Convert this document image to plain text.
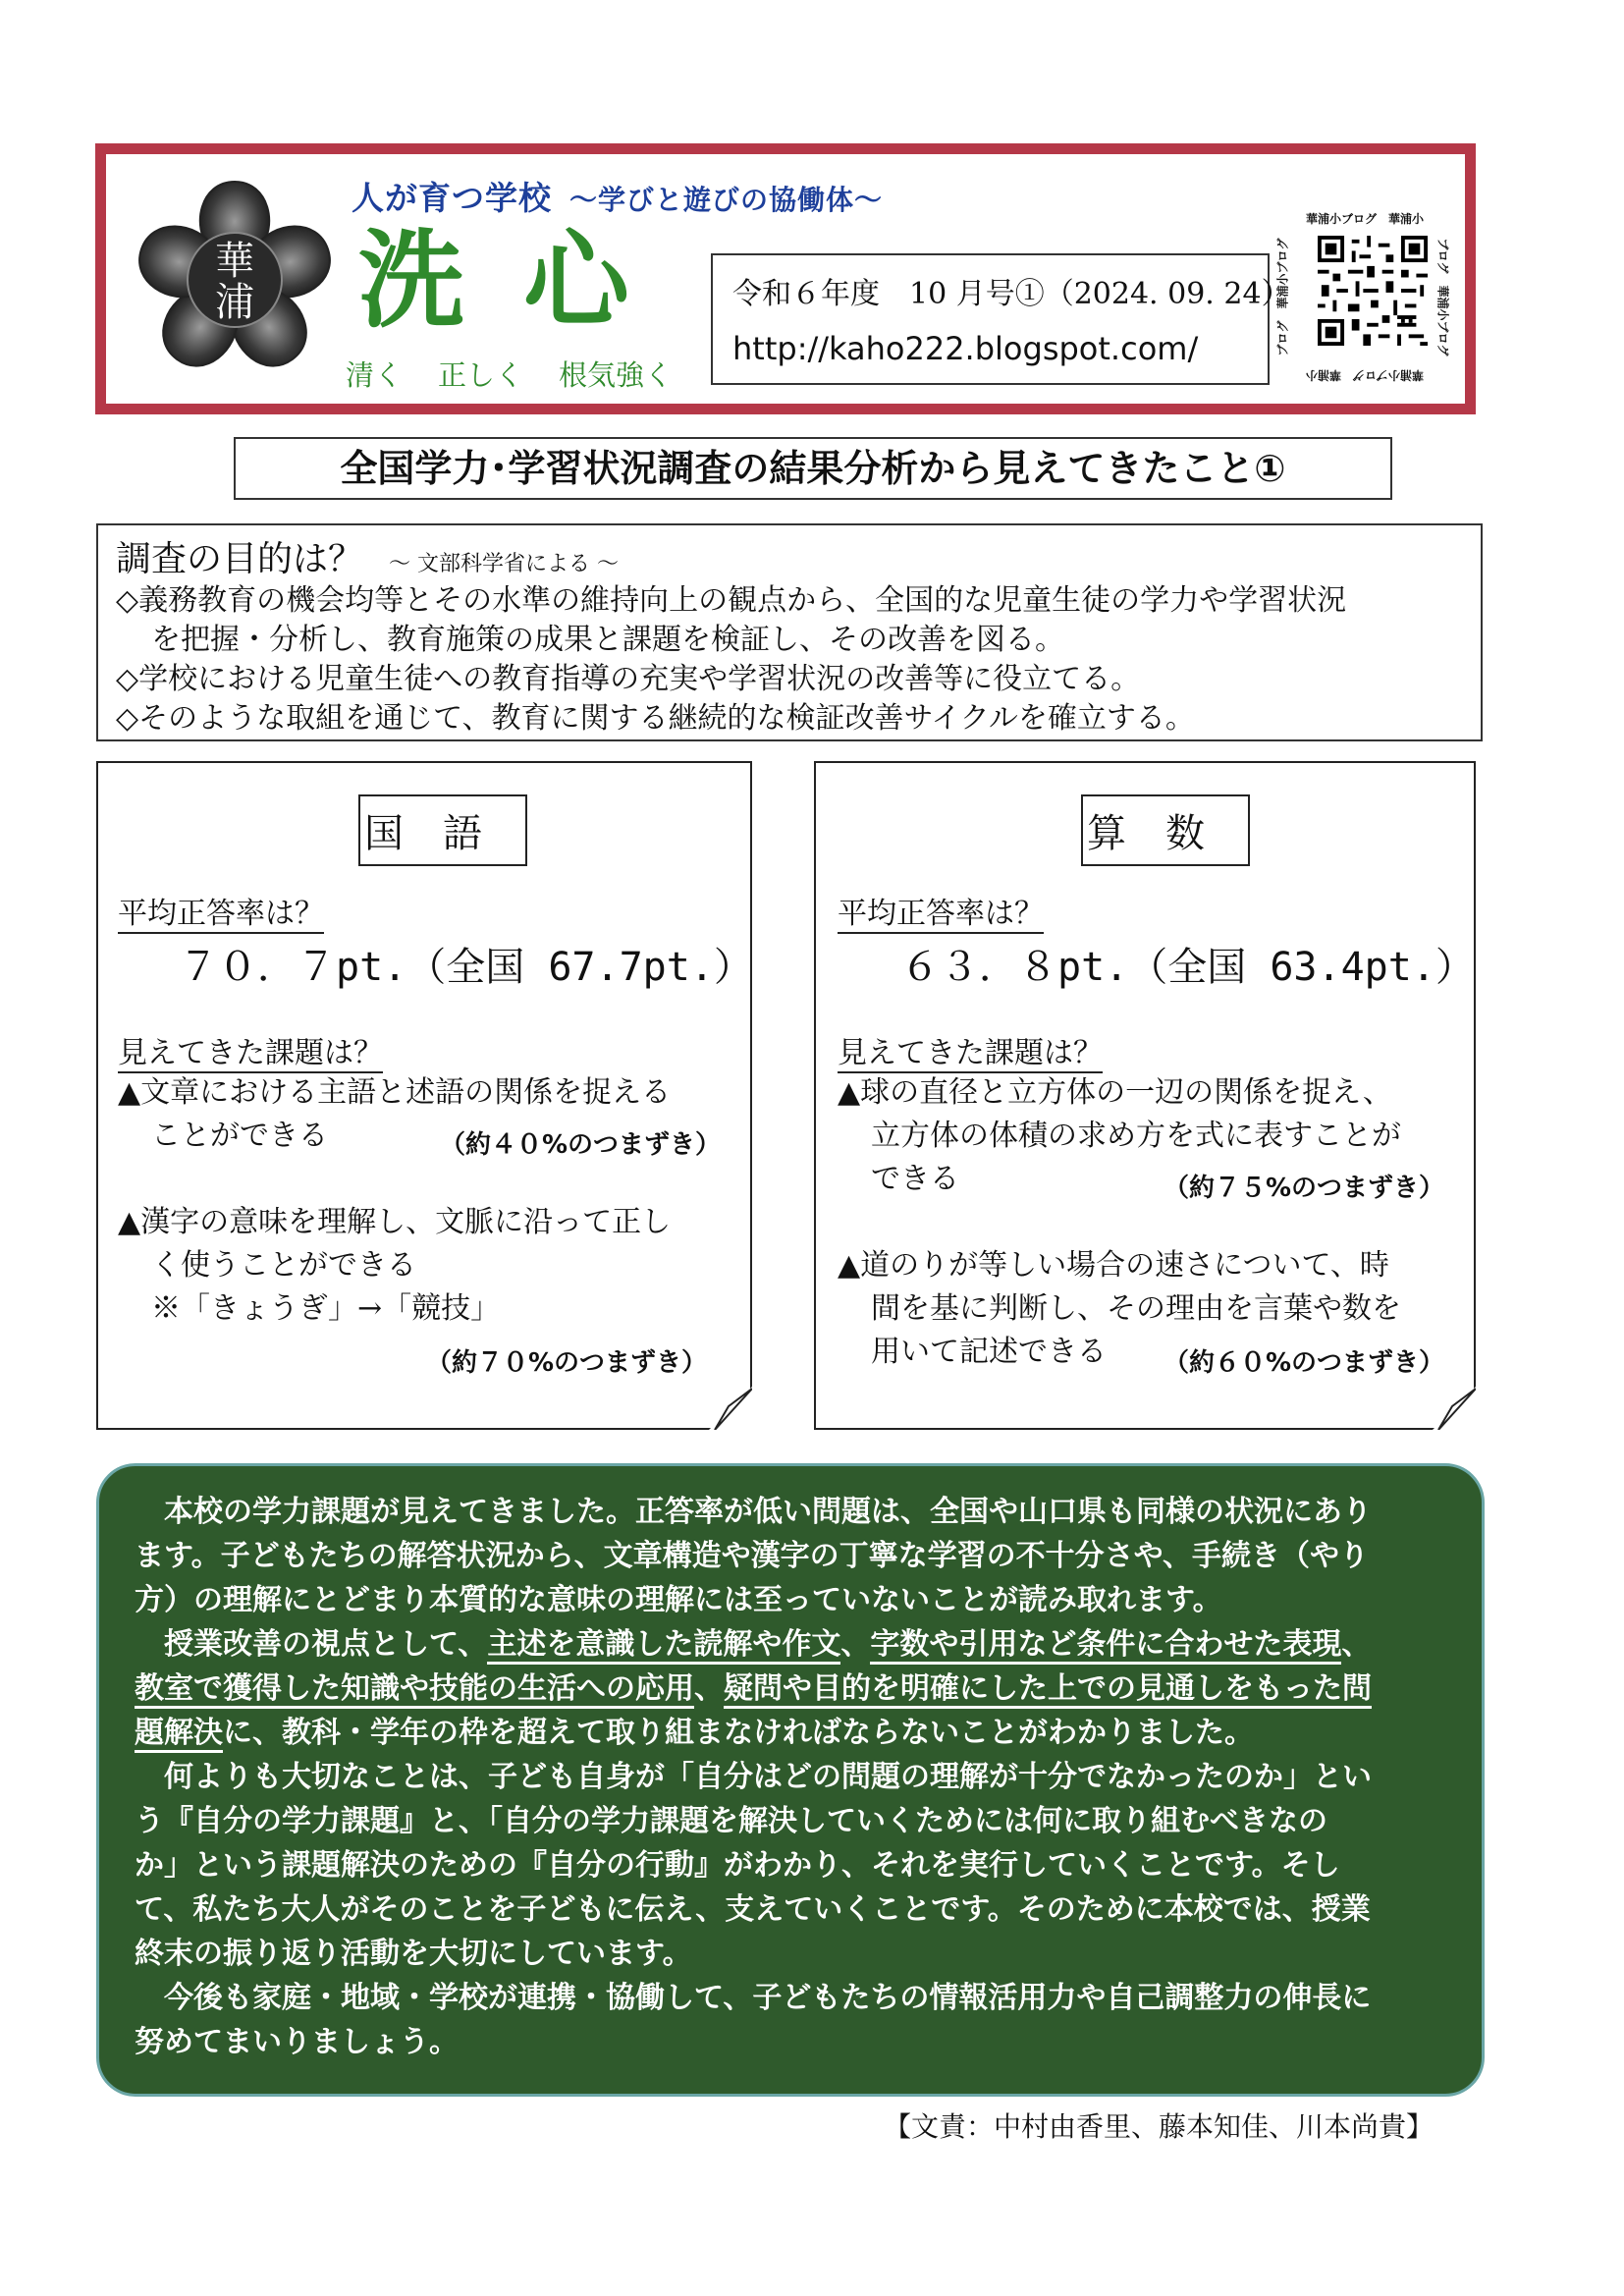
華
浦
人が育つ学校 ～学びと遊びの協働体～
洗心
清く 正しく 根気強く
令和６年度　10 月号①（2024. 09. 24）
http://kaho222.blogspot.com/
華浦小ブログ　華浦小
ブログ　華浦小ブログ
華浦小ブログ　華浦小
ブログ　華浦小ブログ
全国学力･学習状況調査の結果分析から見えてきたこと①
調査の目的は？ ～ 文部科学省による ～
◇義務教育の機会均等とその水準の維持向上の観点から、全国的な児童生徒の学力や学習状況
を把握・分析し、教育施策の成果と課題を検証し、その改善を図る。
◇学校における児童生徒への教育指導の充実や学習状況の改善等に役立てる。
◇そのような取組を通じて、教育に関する継続的な検証改善サイクルを確立する。
国語
平均正答率は？
７０．７pt.（全国 67.7pt.）
見えてきた課題は？
▲文章における主語と述語の関係を捉える
ことができる	（約４０%のつまずき）
▲漢字の意味を理解し、文脈に沿って正し
く使うことができる
※「きょうぎ」→「競技」
（約７０%のつまずき）
算数
平均正答率は？
６３．８pt.（全国 63.4pt.）
見えてきた課題は？
▲球の直径と立方体の一辺の関係を捉え、
立方体の体積の求め方を式に表すことが
できる	（約７５%のつまずき）
▲道のりが等しい場合の速さについて、時
間を基に判断し、その理由を言葉や数を
用いて記述できる	（約６０%のつまずき）
　本校の学力課題が見えてきました。正答率が低い問題は、全国や山口県も同様の状況にあり
ます。子どもたちの解答状況から、文章構造や漢字の丁寧な学習の不十分さや、手続き（やり
方）の理解にとどまり本質的な意味の理解には至っていないことが読み取れます。
　授業改善の視点として、主述を意識した読解や作文、字数や引用など条件に合わせた表現、
教室で獲得した知識や技能の生活への応用、疑問や目的を明確にした上での見通しをもった問
題解決に、教科・学年の枠を超えて取り組まなければならないことがわかりました。
　何よりも大切なことは、子ども自身が「自分はどの問題の理解が十分でなかったのか」とい
う『自分の学力課題』と、「自分の学力課題を解決していくためには何に取り組むべきなの
か」という課題解決のための『自分の行動』がわかり、それを実行していくことです。そし
て、私たち大人がそのことを子どもに伝え、支えていくことです。そのために本校では、授業
終末の振り返り活動を大切にしています。
　今後も家庭・地域・学校が連携・協働して、子どもたちの情報活用力や自己調整力の伸長に
努めてまいりましょう。
【文責：中村由香里、藤本知佳、川本尚貴】
